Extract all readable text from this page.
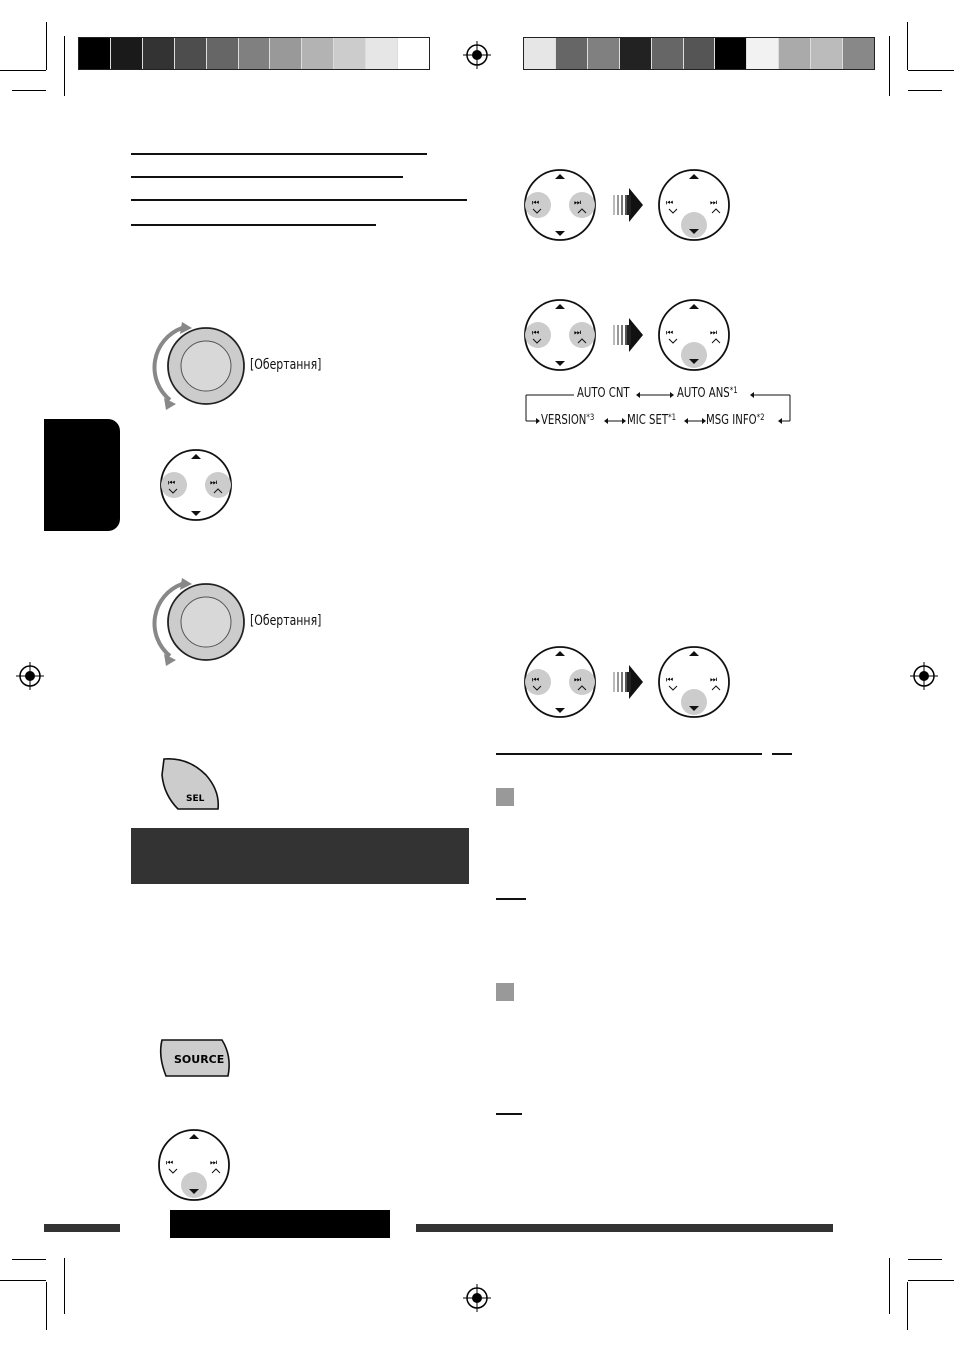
[Обертання]
[Обертання]
⏮	⏭
SEL
SOURCE
⏮	⏭
⏮	⏭	⏮	⏭
⏮	⏭	⏮	⏭
AUTO CNT	AUTO ANS$^{*1}$
VERSION$^{*3}$	MIC SET$^{*1}$ MSG INFO$^{*2}$
⏮	⏭	⏮	⏭
